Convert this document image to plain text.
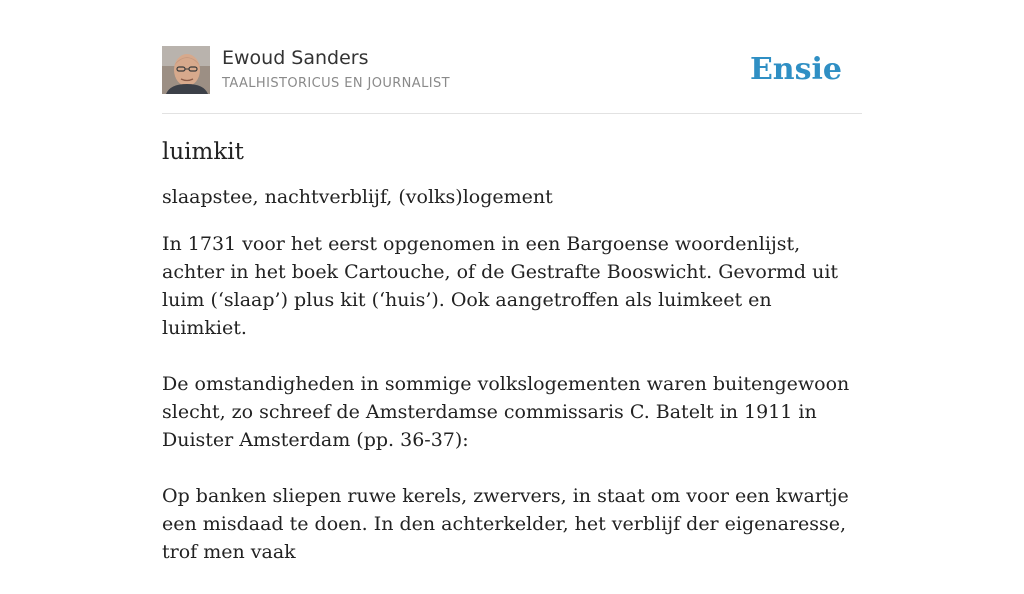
Ewoud Sanders
TAALHISTORICUS EN JOURNALIST	Ensie
luimkit

slaapstee, nachtverblijf, (volks)logement

In 1731 voor het eerst opgenomen in een Bargoense woordenlijst, achter in het boek Cartouche, of de Gestrafte Booswicht. Gevormd uit luim (‘slaap’) plus kit (‘huis’). Ook aangetroffen als luimkeet en luimkiet.

De omstandigheden in sommige volkslogementen waren buitengewoon slecht, zo schreef de Amsterdamse commissaris C. Batelt in 1911 in Duister Amsterdam (pp. 36-37):

Op banken sliepen ruwe kerels, zwervers, in staat om voor een kwartje een misdaad te doen. In den achterkelder, het verblijf der eigenaresse, trof men vaak
